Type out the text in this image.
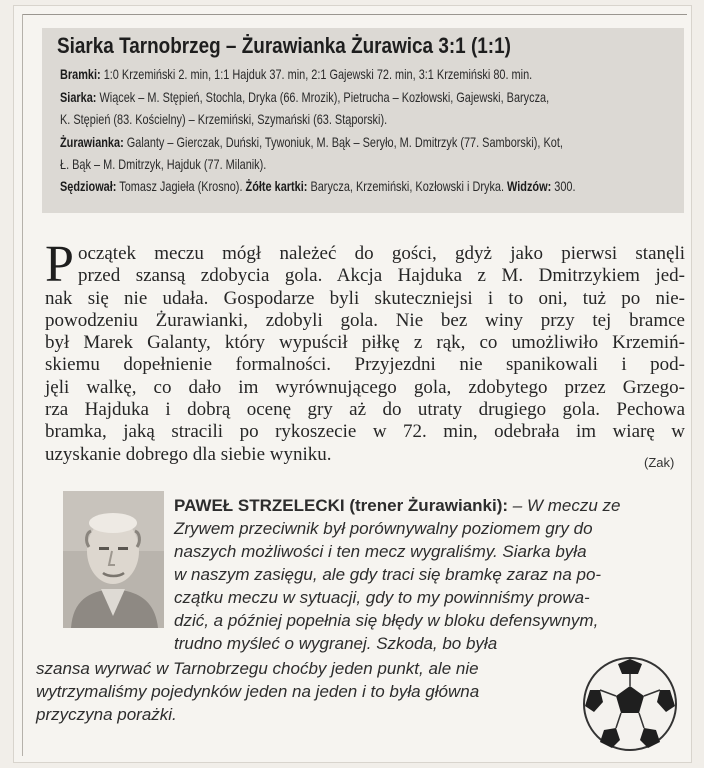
Siarka Tarnobrzeg – Żurawianka Żurawica 3:1 (1:1)
Bramki: 1:0 Krzemiński 2. min, 1:1 Hajduk 37. min, 2:1 Gajewski 72. min, 3:1 Krzemiński 80. min.
Siarka: Wiącek – M. Stępień, Stochla, Dryka (66. Mrozik), Pietrucha – Kozłowski, Gajewski, Barycza,
K. Stępień (83. Kościelny) – Krzemiński, Szymański (63. Stąporski).
Żurawianka: Galanty – Gierczak, Duński, Tywoniuk, M. Bąk – Seryło, M. Dmitrzyk (77. Samborski), Kot,
Ł. Bąk – M. Dmitrzyk, Hajduk (77. Milanik).
Sędziował: Tomasz Jagieła (Krosno). Żółte kartki: Barycza, Krzemiński, Kozłowski i Dryka. Widzów: 300.
P oczątek meczu mógł należeć do gości, gdyż jako pierwsi stanęli
przed szansą zdobycia gola. Akcja Hajduka z M. Dmitrzykiem jed-
nak się nie udała. Gospodarze byli skuteczniejsi i to oni, tuż po nie-
powodzeniu Żurawianki, zdobyli gola. Nie bez winy przy tej bramce
był Marek Galanty, który wypuścił piłkę z rąk, co umożliwiło Krzemiń-
skiemu dopełnienie formalności. Przyjezdni nie spanikowali i pod-
jęli walkę, co dało im wyrównującego gola, zdobytego przez Grzego-
rza Hajduka i dobrą ocenę gry aż do utraty drugiego gola. Pechowa
bramka, jaką stracili po rykoszecie w 72. min, odebrała im wiarę w
uzyskanie dobrego dla siebie wyniku.	(Zak)
PAWEŁ STRZELECKI (trener Żurawianki): – W meczu ze
Zrywem przeciwnik był porównywalny poziomem gry do
naszych możliwości i ten mecz wygraliśmy. Siarka była
w naszym zasięgu, ale gdy traci się bramkę zaraz na po-
czątku meczu w sytuacji, gdy to my powinniśmy prowa-
dzić, a później popełnia się błędy w bloku defensywnym,
trudno myśleć o wygranej. Szkoda, bo była
szansa wyrwać w Tarnobrzegu choćby jeden punkt, ale nie
wytrzymaliśmy pojedynków jeden na jeden i to była główna
przyczyna porażki.
